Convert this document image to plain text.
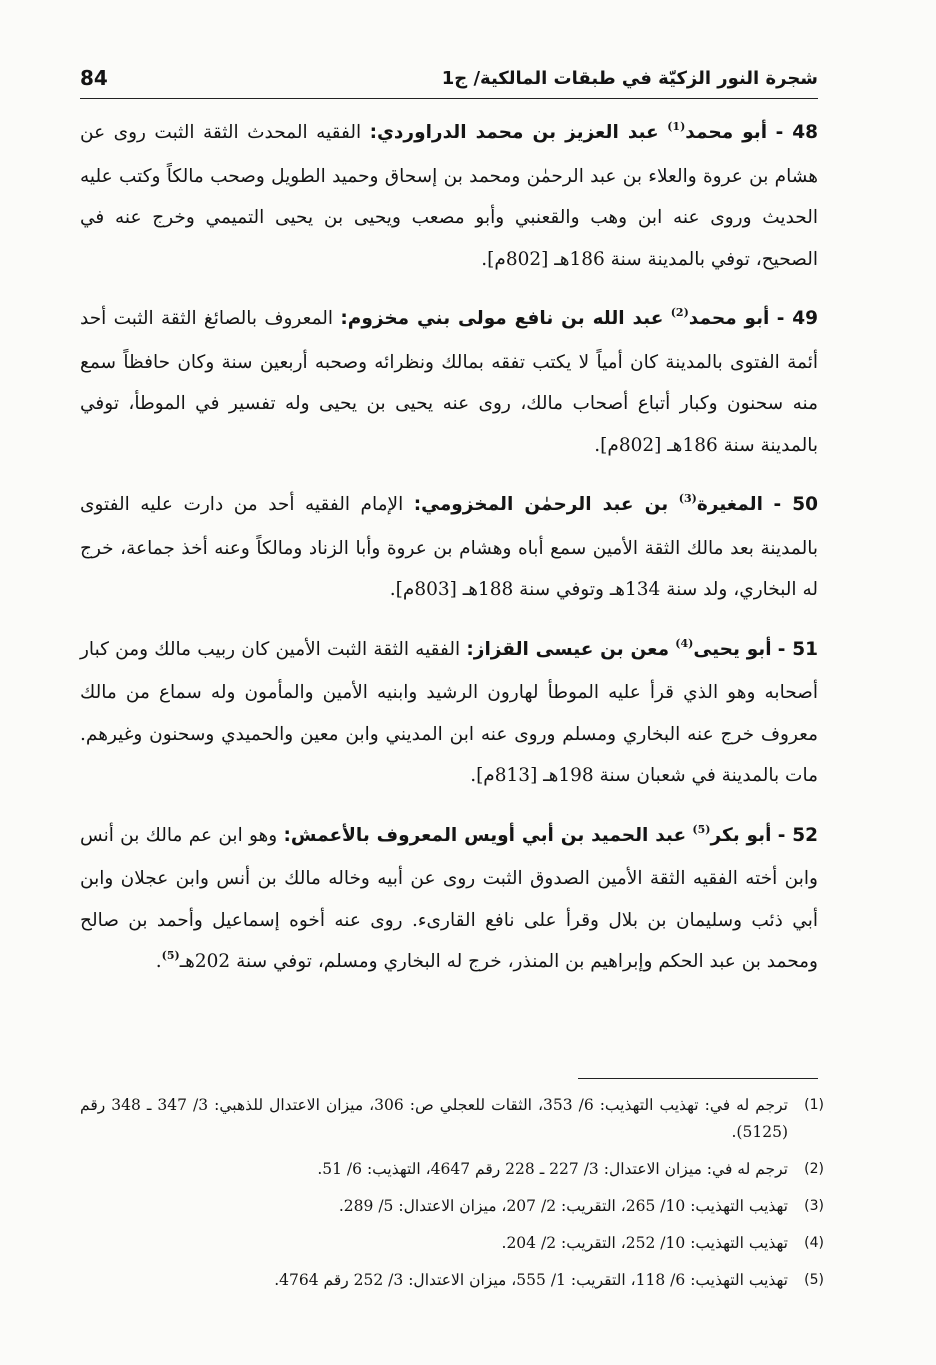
84	شجرة النور الزكيّة في طبقات المالكية/ ج1

48 - أبو محمد$^{(1)}$ عبد العزيز بن محمد الدراوردي: الفقيه المحدث الثقة الثبت روى عن هشام بن عروة والعلاء بن عبد الرحمٰن ومحمد بن إسحاق وحميد الطويل وصحب مالكاً وكتب عليه الحديث وروى عنه ابن وهب والقعنبي وأبو مصعب ويحيى بن يحيى التميمي وخرج عنه في الصحيح، توفي بالمدينة سنة 186هـ [802م].

49 - أبو محمد$^{(2)}$ عبد الله بن نافع مولى بني مخزوم: المعروف بالصائغ الثقة الثبت أحد أئمة الفتوى بالمدينة كان أمياً لا يكتب تفقه بمالك ونظرائه وصحبه أربعين سنة وكان حافظاً سمع منه سحنون وكبار أتباع أصحاب مالك، روى عنه يحيى بن يحيى وله تفسير في الموطأ، توفي بالمدينة سنة 186هـ [802م].

50 - المغيرة$^{(3)}$ بن عبد الرحمٰن المخزومي: الإمام الفقيه أحد من دارت عليه الفتوى بالمدينة بعد مالك الثقة الأمين سمع أباه وهشام بن عروة وأبا الزناد ومالكاً وعنه أخذ جماعة، خرج له البخاري، ولد سنة 134هـ وتوفي سنة 188هـ [803م].

51 - أبو يحيى$^{(4)}$ معن بن عيسى القزاز: الفقيه الثقة الثبت الأمين كان ربيب مالك ومن كبار أصحابه وهو الذي قرأ عليه الموطأ لهارون الرشيد وابنيه الأمين والمأمون وله سماع من مالك معروف خرج عنه البخاري ومسلم وروى عنه ابن المديني وابن معين والحميدي وسحنون وغيرهم. مات بالمدينة في شعبان سنة 198هـ [813م].

52 - أبو بكر$^{(5)}$ عبد الحميد بن أبي أويس المعروف بالأعمش: وهو ابن عم مالك بن أنس وابن أخته الفقيه الثقة الأمين الصدوق الثبت روى عن أبيه وخاله مالك بن أنس وابن عجلان وابن أبي ذئب وسليمان بن بلال وقرأ على نافع القارىء. روى عنه أخوه إسماعيل وأحمد بن صالح ومحمد بن عبد الحكم وإبراهيم بن المنذر، خرج له البخاري ومسلم، توفي سنة 202هـ$^{(5)}$.

(1)
ترجم له في: تهذيب التهذيب: 6/ 353، الثقات للعجلي ص: 306، ميزان الاعتدال للذهبي: 3/ 347 ـ 348 رقم (5125).
(2)
ترجم له في: ميزان الاعتدال: 3/ 227 ـ 228 رقم 4647، التهذيب: 6/ 51.
(3)
تهذيب التهذيب: 10/ 265، التقريب: 2/ 207، ميزان الاعتدال: 5/ 289.
(4)
تهذيب التهذيب: 10/ 252، التقريب: 2/ 204.
(5)
تهذيب التهذيب: 6/ 118، التقريب: 1/ 555، ميزان الاعتدال: 3/ 252 رقم 4764.
